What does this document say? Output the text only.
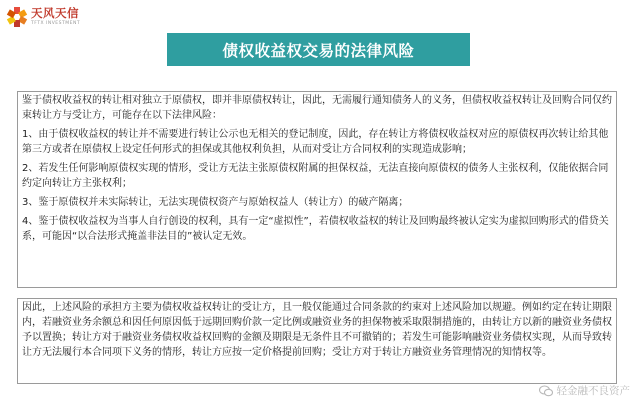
天风天信
TFTX INVESTMENT
债权收益权交易的法律风险

鉴于债权收益权的转让相对独立于原债权，即并非原债权转让，因此，无需履行通知债务人的义务，但债权收益权转让及回购合同仅约束转让方与受让方，可能存在以下法律风险：

1、由于债权收益权的转让并不需要进行转让公示也无相关的登记制度，因此，存在转让方将债权收益权对应的原债权再次转让给其他第三方或者在原债权上设定任何形式的担保或其他权利负担，从而对受让方合同权利的实现造成影响；

2、若发生任何影响原债权实现的情形，受让方无法主张原债权附属的担保权益，无法直接向原债权的债务人主张权利，仅能依据合同约定向转让方主张权利；

3、鉴于原债权并未实际转让，无法实现债权资产与原始权益人（转让方）的破产隔离；

4、鉴于债权收益权为当事人自行创设的权利，具有一定“虚拟性”，若债权收益权的转让及回购最终被认定实为虚拟回购形式的借贷关系，可能因“以合法形式掩盖非法目的”被认定无效。

因此，上述风险的承担方主要为债权收益权转让的受让方，且一般仅能通过合同条款的约束对上述风险加以规避。例如约定在转让期限内，若融资业务余额总和因任何原因低于远期回购价款一定比例或融资业务的担保物被采取限制措施的，由转让方以新的融资业务债权予以置换；转让方对于融资业务债权收益权回购的金额及期限是无条件且不可撤销的；若发生可能影响融资业务债权实现，从而导致转让方无法履行本合同项下义务的情形，转让方应按一定价格提前回购；受让方对于转让方融资业务管理情况的知情权等。

轻金融不良资产
